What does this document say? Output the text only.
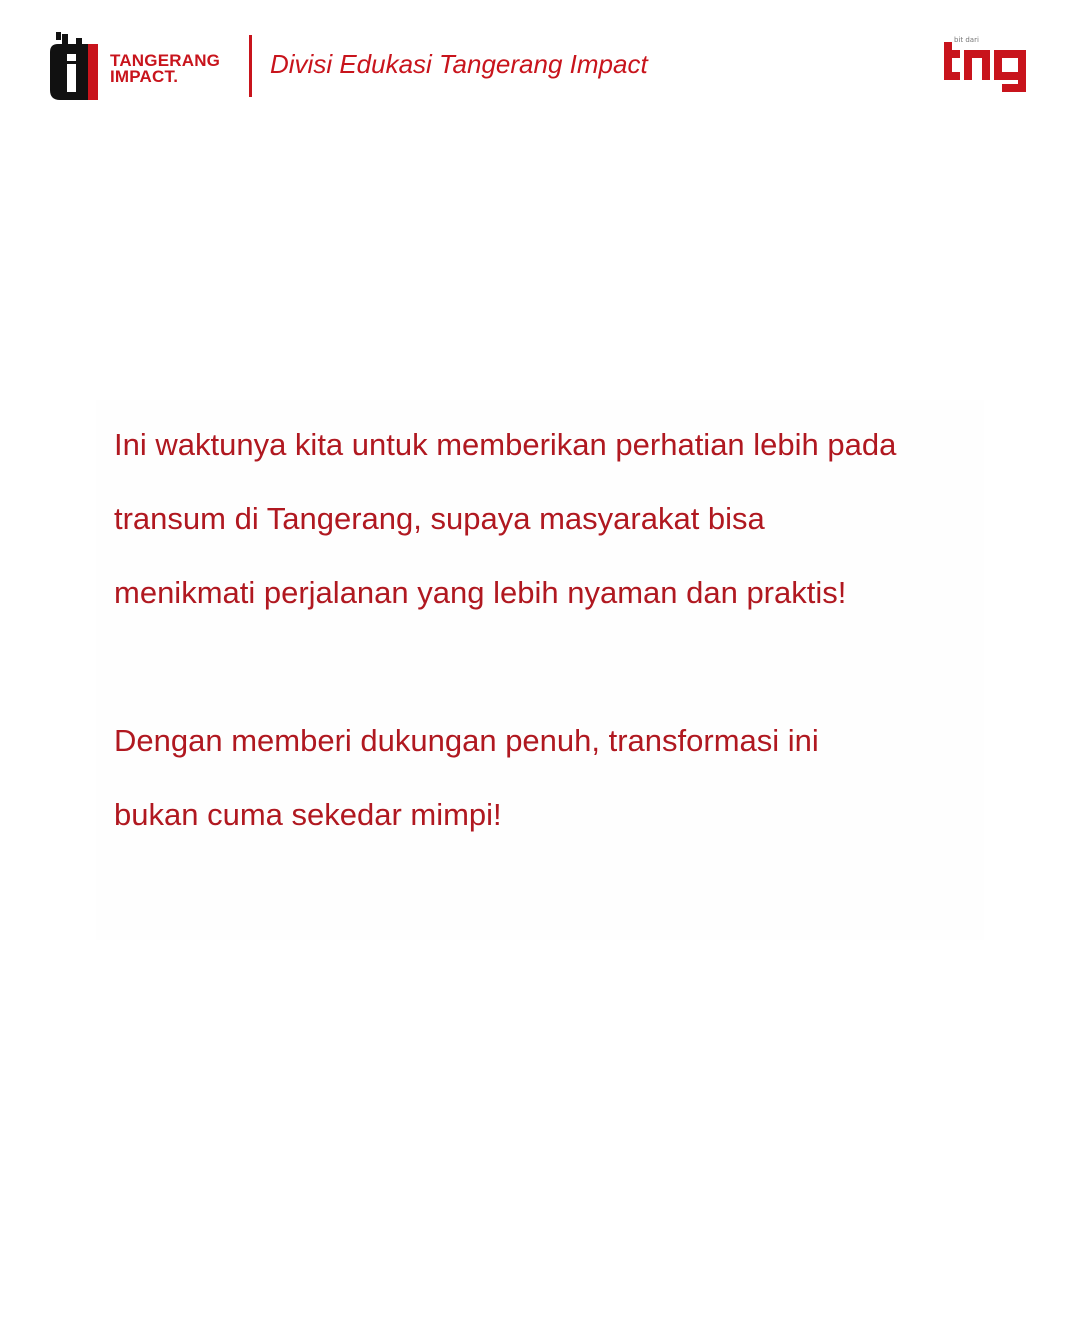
TANGERANG
IMPACT.	Divisi Edukasi Tangerang Impact
bit dari

Ini waktunya kita untuk memberikan perhatian lebih pada
transum di Tangerang, supaya masyarakat bisa
menikmati perjalanan yang lebih nyaman dan praktis!

Dengan memberi dukungan penuh, transformasi ini
bukan cuma sekedar mimpi!
